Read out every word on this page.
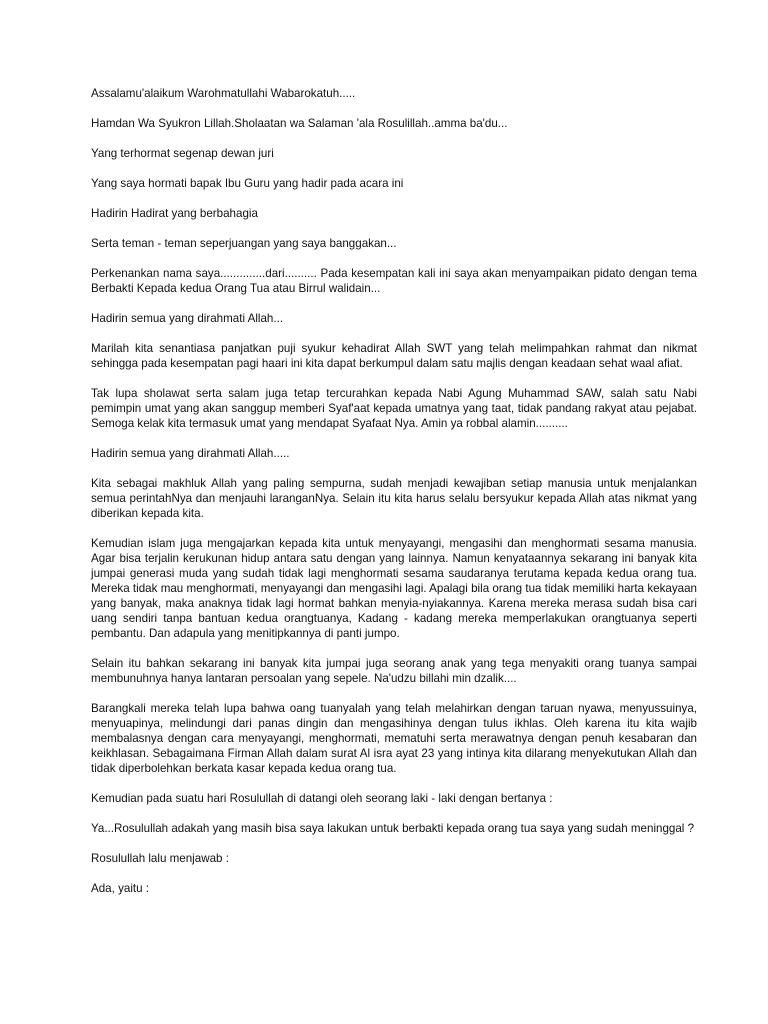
Assalamu'alaikum Warohmatullahi Wabarokatuh.....

Hamdan Wa Syukron Lillah.Sholaatan wa Salaman 'ala Rosulillah..amma ba'du...

Yang terhormat segenap dewan juri

Yang saya hormati bapak Ibu Guru yang hadir pada acara ini

Hadirin Hadirat yang berbahagia

Serta teman - teman seperjuangan yang saya banggakan...

Perkenankan nama saya..............dari.......... Pada kesempatan kali ini saya akan menyampaikan pidato dengan tema Berbakti Kepada kedua Orang Tua atau Birrul walidain...

Hadirin semua yang dirahmati Allah...

Marilah kita senantiasa panjatkan puji syukur kehadirat Allah SWT yang telah melimpahkan rahmat dan nikmat sehingga pada kesempatan pagi haari ini kita dapat berkumpul dalam satu majlis dengan keadaan sehat waal afiat.

Tak lupa sholawat serta salam juga tetap tercurahkan kepada Nabi Agung Muhammad SAW, salah satu Nabi pemimpin umat yang akan sanggup memberi Syaf'aat kepada umatnya yang taat, tidak pandang rakyat atau pejabat. Semoga kelak kita termasuk umat yang mendapat Syafaat Nya. Amin ya robbal alamin..........

Hadirin semua yang dirahmati Allah.....

Kita sebagai makhluk Allah yang paling sempurna, sudah menjadi kewajiban setiap manusia untuk menjalankan semua perintahNya dan menjauhi laranganNya. Selain itu kita harus selalu bersyukur kepada Allah atas nikmat yang diberikan kepada kita.

Kemudian islam juga mengajarkan kepada kita untuk menyayangi, mengasihi dan menghormati sesama manusia. Agar bisa terjalin kerukunan hidup antara satu dengan yang lainnya. Namun kenyataannya sekarang ini banyak kita jumpai generasi muda yang sudah tidak lagi menghormati sesama saudaranya terutama kepada kedua orang tua. Mereka tidak mau menghormati, menyayangi dan mengasihi lagi. Apalagi bila orang tua tidak memiliki harta kekayaan yang banyak, maka anaknya tidak lagi hormat bahkan menyia-nyiakannya. Karena mereka merasa sudah bisa cari uang sendiri tanpa bantuan kedua orangtuanya, Kadang - kadang mereka memperlakukan orangtuanya seperti pembantu. Dan adapula yang menitipkannya di panti jumpo.

Selain itu bahkan sekarang ini banyak kita jumpai juga seorang anak yang tega menyakiti orang tuanya sampai membunuhnya hanya lantaran persoalan yang sepele. Na'udzu billahi min dzalik....

Barangkali mereka telah lupa bahwa oang tuanyalah yang telah melahirkan dengan taruan nyawa, menyussuinya, menyuapinya, melindungi dari panas dingin dan mengasihinya dengan tulus ikhlas. Oleh karena itu kita wajib membalasnya dengan cara menyayangi, menghormati, mematuhi serta merawatnya dengan penuh kesabaran dan keikhlasan. Sebagaimana Firman Allah dalam surat Al isra ayat 23 yang intinya kita dilarang menyekutukan Allah dan tidak diperbolehkan berkata kasar kepada kedua orang tua.

Kemudian pada suatu hari Rosulullah di datangi oleh seorang laki - laki dengan bertanya :

Ya...Rosulullah adakah yang masih bisa saya lakukan untuk berbakti kepada orang tua saya yang sudah meninggal ?

Rosulullah lalu menjawab :

Ada, yaitu :
